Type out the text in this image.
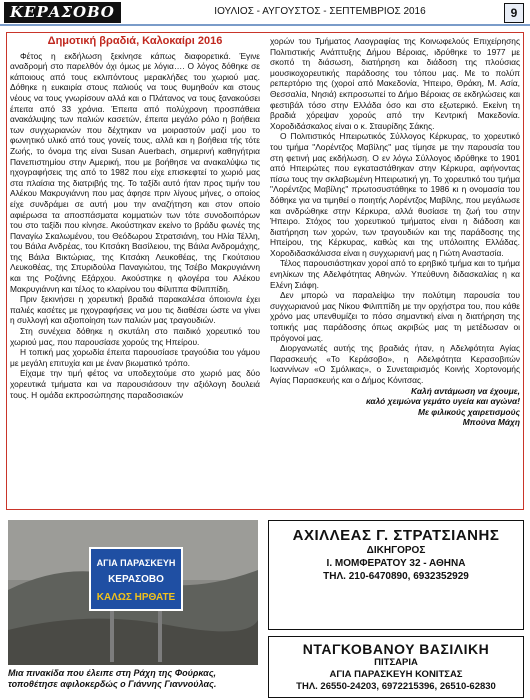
ΚΕΡΑΣΟΒΟ	ΙΟΥΛΙΟΣ - ΑΥΓΟΥΣΤΟΣ - ΣΕΠΤΕΜΒΡΙΟΣ 2016	9
Δημοτική βραδιά, Καλοκαίρι 2016

Φέτος η εκδήλωση ξεκίνησε κάπως διαφορετικά. Έγινε αναδρομή στο παρελθόν όχι όμως με λόγια…. Ο λόγος δόθηκε σε κάποιους από τους εκλιπόντους μερακλήδες του χωριού μας. Δόθηκε η ευκαιρία στους παλιούς να τους θυμηθούν και στους νέους να τους γνωρίσουν αλλά και ο Πλάτανος να τους ξανακούσει έπειτα από 33 χρόνια. Έπειτα από πολύχρονη προσπάθεια ανακάλυψης των παλιών κασετών, έπειτα μεγάλο ρόλο η βοήθεια των συγχωριανών που δέχτηκαν να μοιραστούν μαζί μου το φωνητικό υλικό από τους γονείς τους, αλλά και η βοήθεια τής τότε Ζωής, το όνομα της είναι Susan Auerbach, σημερινή καθηγήτρια Πανεπιστημίου στην Αμερική, που με βοήθησε να ανακαλύψω τις ηχογραφήσεις της από το 1982 που είχε επισκεφτεί το χωριό μας στα πλαίσια της διατριβής της. Το ταξίδι αυτό ήταν προς τιμήν του Αλέκου Μακρυγιάννη που μας άφησε πριν λίγους μήνες, ο οποίος είχε συνδράμει σε αυτή μου την αναζήτηση και στον οποίο αφιέρωσα τα αποσπάσματα κομματιών των τότε συνοδοιπόρων του στο ταξίδι που κίνησε. Ακούστηκαν εκείνο το βράδυ φωνές της Παναγίω Σκαλωμένου, του Θεόδωρου Στρατσιάνη, του Ηλία Τέλλη, του Βάιλα Ανδρέας, του Κιτσάκη Βασίλειου, της Βάιλα Ανδρομάχης, της Βάιλα Βικτώριας, της Κιτσάκη Λευκοθέας, της Γκούτσιου Λευκοθέας, της Σπυριδούλα Παναγιώτου, της Τσέβο Μακρυγιάννη και της Ροζάνης Εξάρχου. Ακούστηκε η φλογέρα του Αλέκου Μακρυγιάννη και τέλος το κλαρίνου του Φίλιππα Φίλιππίδη.

Πριν ξεκινήσει η χορευτική βραδιά παρακαλέσα όποιον/α έχει παλιές κασέτες με ηχογραφήσεις να μου τις διαθέσει ώστε να γίνει η συλλογή και αξιοποίηση των παλιών μας τραγουδιών.

Στη συνέχεια δόθηκε η σκυτάλη στο παιδικό χορευτικό του χωριού μας, που παρουσίασε χορούς της Ηπείρου.

Η τοπική μας χορωδία έπειτα παρουσίασε τραγούδια του γάμου με μεγάλη επιτυχία και με έναν βιωματικό τρόπο.

Είχαμε την τιμή φέτος να υποδεχτούμε στο χωριό μας δύο χορευτικά τμήματα και να παρουσιάσουν την αξιόλογη δουλειά τους. Η ομάδα εκπροσώπησης παραδοσιακών

χορών του Τμήματος Λαογραφίας της Κοινωφελούς Επιχείρησης Πολιτιστικής Ανάπτυξης Δήμου Βέροιας, ιδρύθηκε το 1977 με σκοπό τη διάσωση, διατήρηση και διάδοση της πλούσιας μουσικοχορευτικής παράδοσης του τόπου μας. Με το πολύπ ρεπερτόριο της (χοροί από Μακεδονία, Ήπειρο, Θράκη, Μ. Ασία, Θεσσαλία, Νησιά) εκπροσωπεί το Δήμο Βέροιας σε εκδηλώσεις και φεστιβάλ τόσο στην Ελλάδα όσο και στο εξωτερικό. Εκείνη τη βραδιά χόρεψαν χορούς από την Κεντρική Μακεδονία. Χοροδιδάσκαλος είναι ο κ. Σταυρίδης Σάκης.

Ο Πολιτιστικός Ηπειρωτικός Σύλλογος Κέρκυρας, το χορευτικό του τμήμα "Λορέντζος Μαβίλης" μας τίμησε με την παρουσία του στη φετινή μας εκδήλωση. Ο εν λόγω Σύλλογος ιδρύθηκε το 1901 από Ηπειρώτες που εγκαταστάθηκαν στην Κέρκυρα, αφήνοντας πίσω τους την σκλαβωμένη Ηπειρωτική γη. Το χορευτικό του τμήμα "Λορέντζος Μαβίλης" πρωτοσυστάθηκε το 1986 κι η ονομασία του δόθηκε για να τιμηθεί ο ποιητής Λορέντζος Μαβίλης, που μεγάλωσε και ανδρώθηκε στην Κέρκυρα, αλλά θυσίασε τη ζωή του στην Ήπειρο. Στόχος του χορευτικού τμήματος είναι η διάδοση και διατήρηση των χορών, των τραγουδιών και της παράδοσης της Ηπείρου, της Κέρκυρας, καθώς και της υπόλοιπης Ελλάδας. Χοροδιδασκάλισσα είναι η συγχωριανή μας η Γιώτη Αναστασία.

Τέλος παρουσιάστηκαν χοροί από το ερηβικό τμήμα και το τμήμα ενηλίκων της Αδελφότητας Αθηνών. Υπεύθυνη διδασκαλίας η κα Ελένη Σιάφη.

Δεν μπορώ να παραλείψω την πολύτιμη παρουσία του συγχωριανού μας Νίκου Φιλιππίδη με την ορχήστρα του, που κάθε χρόνο μας υπενθυμίζει το πόσο σημαντική είναι η διατήρηση της τοπικής μας παράδοσης όπως ακριβώς μας τη μετέδωσαν οι πρόγονοί μας.

Διοργανωτές αυτής της βραδιάς ήταν, η Αδελφότητα Αγίας Παρασκευής «Το Κεράσοβο», η Αδελφότητα Κερασοβιτών Ιωαννίνων «Ο Σμόλικας», ο Συνεταιρισμός Κοινής Χορτονομής Αγίας Παρασκευής και ο Δήμος Κόνιτσας.

Καλή αντάμωση να έχουμε,
καλό χειμώνα γεμάτο υγεία και αγώνα!
Με φιλικούς χαιρετισμούς
Μπούνα Μάχη
ΑΓΙΑ ΠΑΡΑΣΚΕΥΗ
ΚΕΡΑΣΟΒΟ
ΚΑΛΩΣ ΗΡΘΑΤΕ
Μια πινακίδα που έλειπε στη Ράχη της Φούρκας, τοποθέτησε αφιλοκερδώς ο Γιάννης Γιαννούλας.
ΑΧΙΛΛΕΑΣ Γ. ΣΤΡΑΤΣΙΑΝΗΣ
ΔΙΚΗΓΟΡΟΣ
Ι. ΜΟΜΦΕΡΑΤΟΥ 32 - ΑΘΗΝΑ
ΤΗΛ. 210-6470890, 6932352929
ΝΤΑΓΚΟΒΑΝΟΥ ΒΑΣΙΛΙΚΗ
ΠΙΤΣΑΡΙΑ
ΑΓΙΑ ΠΑΡΑΣΚΕΥΗ ΚΟΝΙΤΣΑΣ
ΤΗΛ. 26550-24203, 6972215396, 26510-62830
